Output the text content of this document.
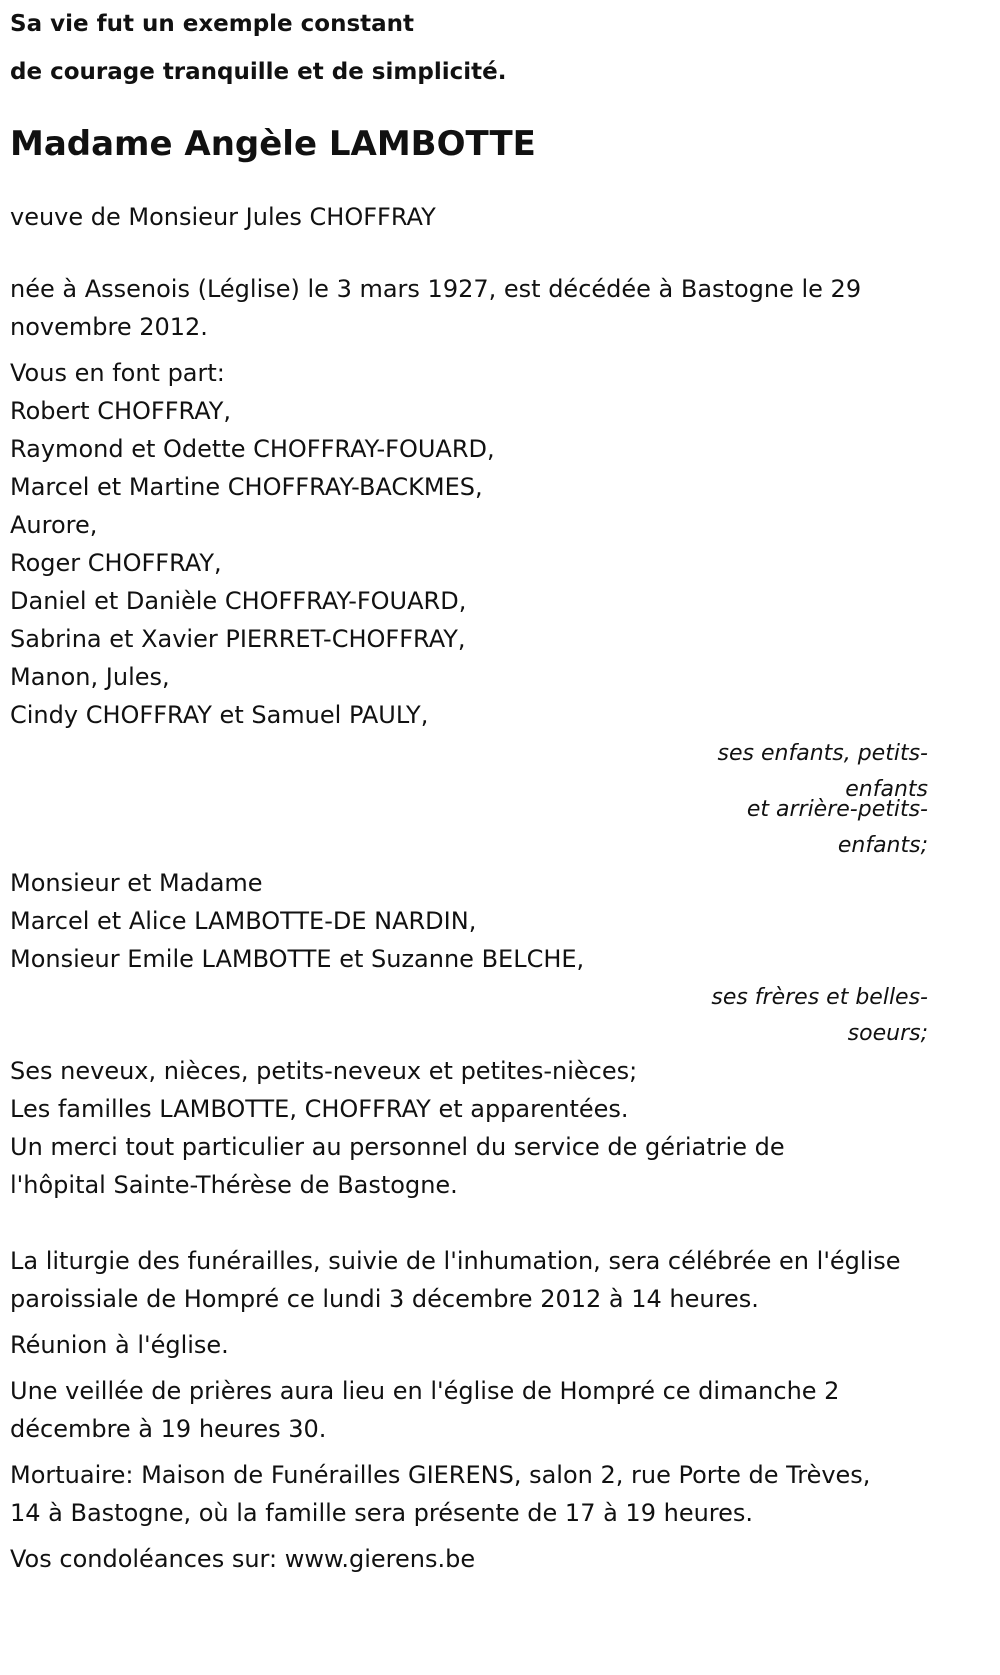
Sa vie fut un exemple constant
de courage tranquille et de simplicité.

Madame Angèle LAMBOTTE

veuve de Monsieur Jules CHOFFRAY

née à Assenois (Léglise) le 3 mars 1927, est décédée à Bastogne le 29
novembre 2012.

Vous en font part:

Robert CHOFFRAY,
Raymond et Odette CHOFFRAY-FOUARD,
Marcel et Martine CHOFFRAY-BACKMES,
Aurore,
Roger CHOFFRAY,
Daniel et Danièle CHOFFRAY-FOUARD,
Sabrina et Xavier PIERRET-CHOFFRAY,
Manon, Jules,
Cindy CHOFFRAY et Samuel PAULY,
ses enfants, petits-
enfants
et arrière-petits-
enfants;
Monsieur et Madame
Marcel et Alice LAMBOTTE-DE NARDIN,
Monsieur Emile LAMBOTTE et Suzanne BELCHE,
ses frères et belles-
soeurs;
Ses neveux, nièces, petits-neveux et petites-nièces;
Les familles LAMBOTTE, CHOFFRAY et apparentées.
Un merci tout particulier au personnel du service de gériatrie de
l'hôpital Sainte-Thérèse de Bastogne.

La liturgie des funérailles, suivie de l'inhumation, sera célébrée en l'église
paroissiale de Hompré ce lundi 3 décembre 2012 à 14 heures.

Réunion à l'église.

Une veillée de prières aura lieu en l'église de Hompré ce dimanche 2
décembre à 19 heures 30.

Mortuaire: Maison de Funérailles GIERENS, salon 2, rue Porte de Trèves,
14 à Bastogne, où la famille sera présente de 17 à 19 heures.

Vos condoléances sur: www.gierens.be
